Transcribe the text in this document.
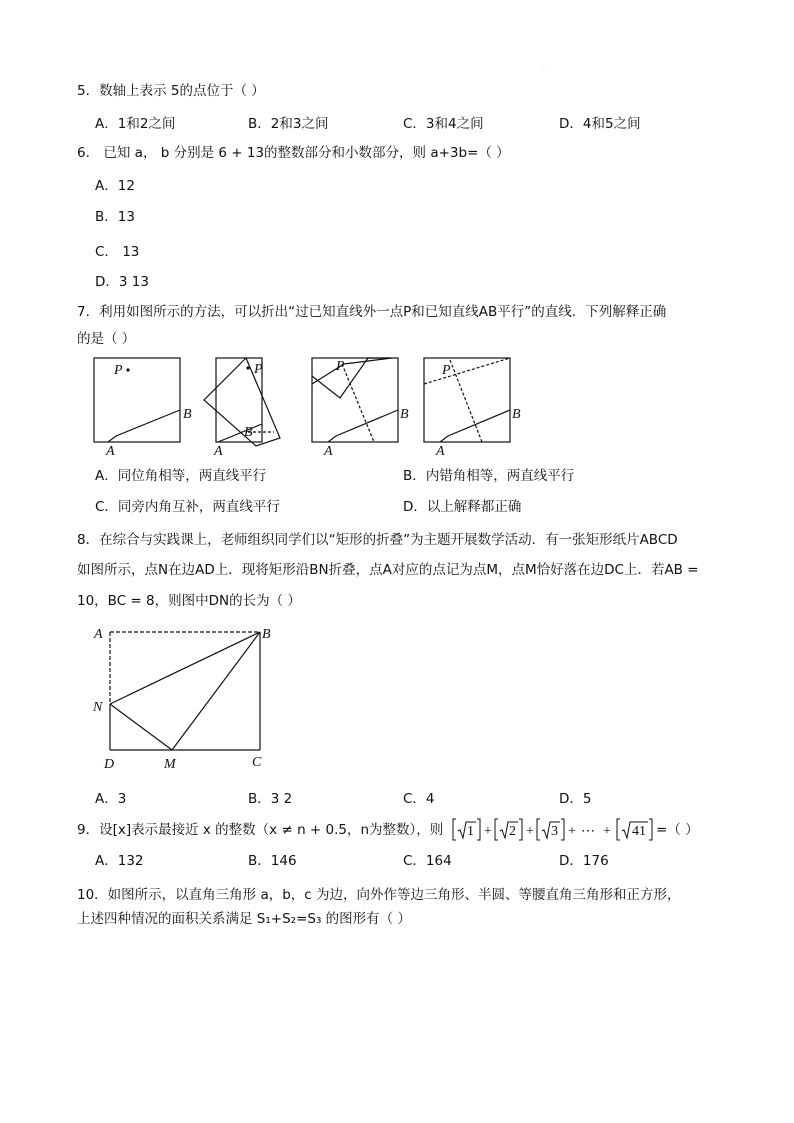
.
5．数轴上表示 5的点位于（ ）
A．1和2之间	B．2和3之间	C．3和4之间	D．4和5之间
6． 已知 a， b 分别是 6 + 13的整数部分和小数部分，则 a+3b=（ ）
A．12
B．13
C． 13
D．3 13
7．利用如图所示的方法，可以折出“过已知直线外一点P和已知直线AB平行”的直线．下列解释正确
的是（ ）
P
A
B
P
A
B
P
A
B
P
A
B
A．同位角相等，两直线平行	B．内错角相等，两直线平行
C．同旁内角互补，两直线平行	D．以上解释都正确
8．在综合与实践课上，老师组织同学们以“矩形的折叠”为主题开展数学活动．有一张矩形纸片ABCD
如图所示，点N在边AD上．现将矩形沿BN折叠，点A对应的点记为点M，点M恰好落在边DC上．若AB =
10，BC = 8，则图中DN的长为（ ）
A	B
N
D	M	C
A．3	B．3 2	C．4	D．5
9．设[x]表示最接近 x 的整数（x ≠ n + 0.5，n为整数），则 1 + 2 + 3 + ⋯ + 41 =（ ）
A．132	B．146	C．164	D．176
10．如图所示，以直角三角形 a，b，c 为边，向外作等边三角形、半圆、等腰直角三角形和正方形，
上述四种情况的面积关系满足 S₁+S₂=S₃ 的图形有（ ）
